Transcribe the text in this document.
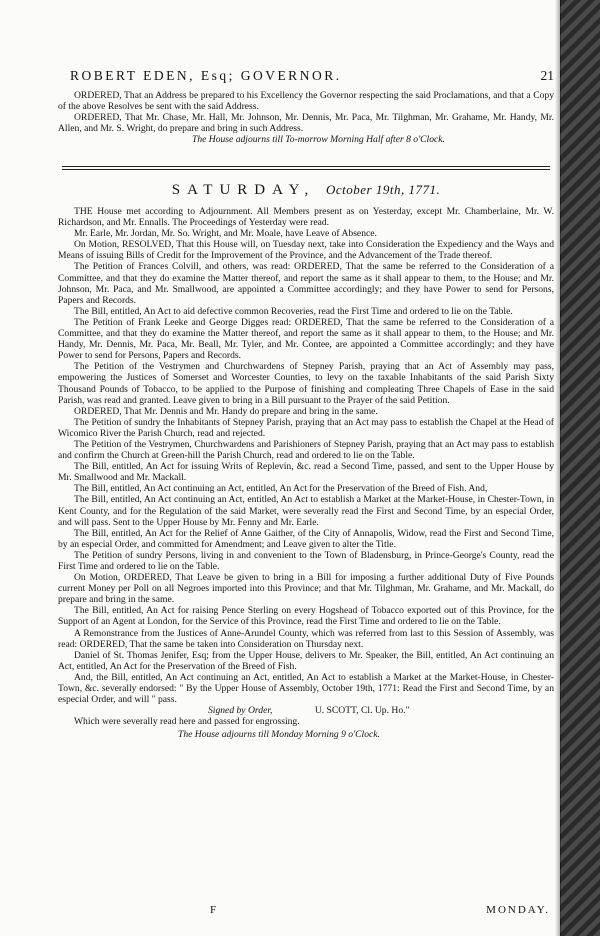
ROBERT EDEN, Esq; GOVERNOR.	21

ORDERED, That an Address be prepared to his Excellency the Governor respecting the said Proclamations, and that a Copy of the above Resolves be sent with the said Address.

ORDERED, That Mr. Chase, Mr. Hall, Mr. Johnson, Mr. Dennis, Mr. Paca, Mr. Tilghman, Mr. Grahame, Mr. Handy, Mr. Allen, and Mr. S. Wright, do prepare and bring in such Address.

The House adjourns till To-morrow Morning Half after 8 o'Clock.

SATURDAY, October 19th, 1771.

THE House met according to Adjournment. All Members present as on Yesterday, except Mr. Chamberlaine, Mr. W. Richardson, and Mr. Ennalls. The Proceedings of Yesterday were read.

Mr. Earle, Mr. Jordan, Mr. So. Wright, and Mr. Moale, have Leave of Absence.

On Motion, RESOLVED, That this House will, on Tuesday next, take into Consideration the Expediency and the Ways and Means of issuing Bills of Credit for the Improvement of the Province, and the Advancement of the Trade thereof.

The Petition of Frances Colvill, and others, was read: ORDERED, That the same be referred to the Consideration of a Committee, and that they do examine the Matter thereof, and report the same as it shall appear to them, to the House; and Mr. Johnson, Mr. Paca, and Mr. Smallwood, are appointed a Committee accordingly; and they have Power to send for Persons, Papers and Records.

The Bill, entitled, An Act to aid defective common Recoveries, read the First Time and ordered to lie on the Table.

The Petition of Frank Leeke and George Digges read: ORDERED, That the same be referred to the Consideration of a Committee, and that they do examine the Matter thereof, and report the same as it shall appear to them, to the House; and Mr. Handy, Mr. Dennis, Mr. Paca, Mr. Beall, Mr. Tyler, and Mr. Contee, are appointed a Committee accordingly; and they have Power to send for Persons, Papers and Records.

The Petition of the Vestrymen and Churchwardens of Stepney Parish, praying that an Act of Assembly may pass, empowering the Justices of Somerset and Worcester Counties, to levy on the taxable Inhabitants of the said Parish Sixty Thousand Pounds of Tobacco, to be applied to the Purpose of finishing and compleating Three Chapels of Ease in the said Parish, was read and granted. Leave given to bring in a Bill pursuant to the Prayer of the said Petition.

ORDERED, That Mr. Dennis and Mr. Handy do prepare and bring in the same.

The Petition of sundry the Inhabitants of Stepney Parish, praying that an Act may pass to establish the Chapel at the Head of Wicomico River the Parish Church, read and rejected.

The Petition of the Vestrymen, Churchwardens and Parishioners of Stepney Parish, praying that an Act may pass to establish and confirm the Church at Green-hill the Parish Church, read and ordered to lie on the Table.

The Bill, entitled, An Act for issuing Writs of Replevin, &c. read a Second Time, passed, and sent to the Upper House by Mr. Smallwood and Mr. Mackall.

The Bill, entitled, An Act continuing an Act, entitled, An Act for the Preservation of the Breed of Fish. And,

The Bill, entitled, An Act continuing an Act, entitled, An Act to establish a Market at the Market-House, in Chester-Town, in Kent County, and for the Regulation of the said Market, were severally read the First and Second Time, by an especial Order, and will pass. Sent to the Upper House by Mr. Fenny and Mr. Earle.

The Bill, entitled, An Act for the Relief of Anne Gaither, of the City of Annapolis, Widow, read the First and Second Time, by an especial Order, and committed for Amendment; and Leave given to alter the Title.

The Petition of sundry Persons, living in and convenient to the Town of Bladensburg, in Prince-George's County, read the First Time and ordered to lie on the Table.

On Motion, ORDERED, That Leave be given to bring in a Bill for imposing a further additional Duty of Five Pounds current Money per Poll on all Negroes imported into this Province; and that Mr. Tilghman, Mr. Grahame, and Mr. Mackall, do prepare and bring in the same.

The Bill, entitled, An Act for raising Pence Sterling on every Hogshead of Tobacco exported out of this Province, for the Support of an Agent at London, for the Service of this Province, read the First Time and ordered to lie on the Table.

A Remonstrance from the Justices of Anne-Arundel County, which was referred from last to this Session of Assembly, was read: ORDERED, That the same be taken into Consideration on Thursday next.

Daniel of St. Thomas Jenifer, Esq; from the Upper House, delivers to Mr. Speaker, the Bill, entitled, An Act continuing an Act, entitled, An Act for the Preservation of the Breed of Fish.

And, the Bill, entitled, An Act continuing an Act, entitled, An Act to establish a Market at the Market-House, in Chester-Town, &c. severally endorsed: " By the Upper House of Assembly, October 19th, 1771: Read the First and Second Time, by an especial Order, and will " pass.

Signed by Order,	U. SCOTT, Cl. Up. Ho."

Which were severally read here and passed for engrossing.

The House adjourns till Monday Morning 9 o'Clock.

F	MONDAY.
